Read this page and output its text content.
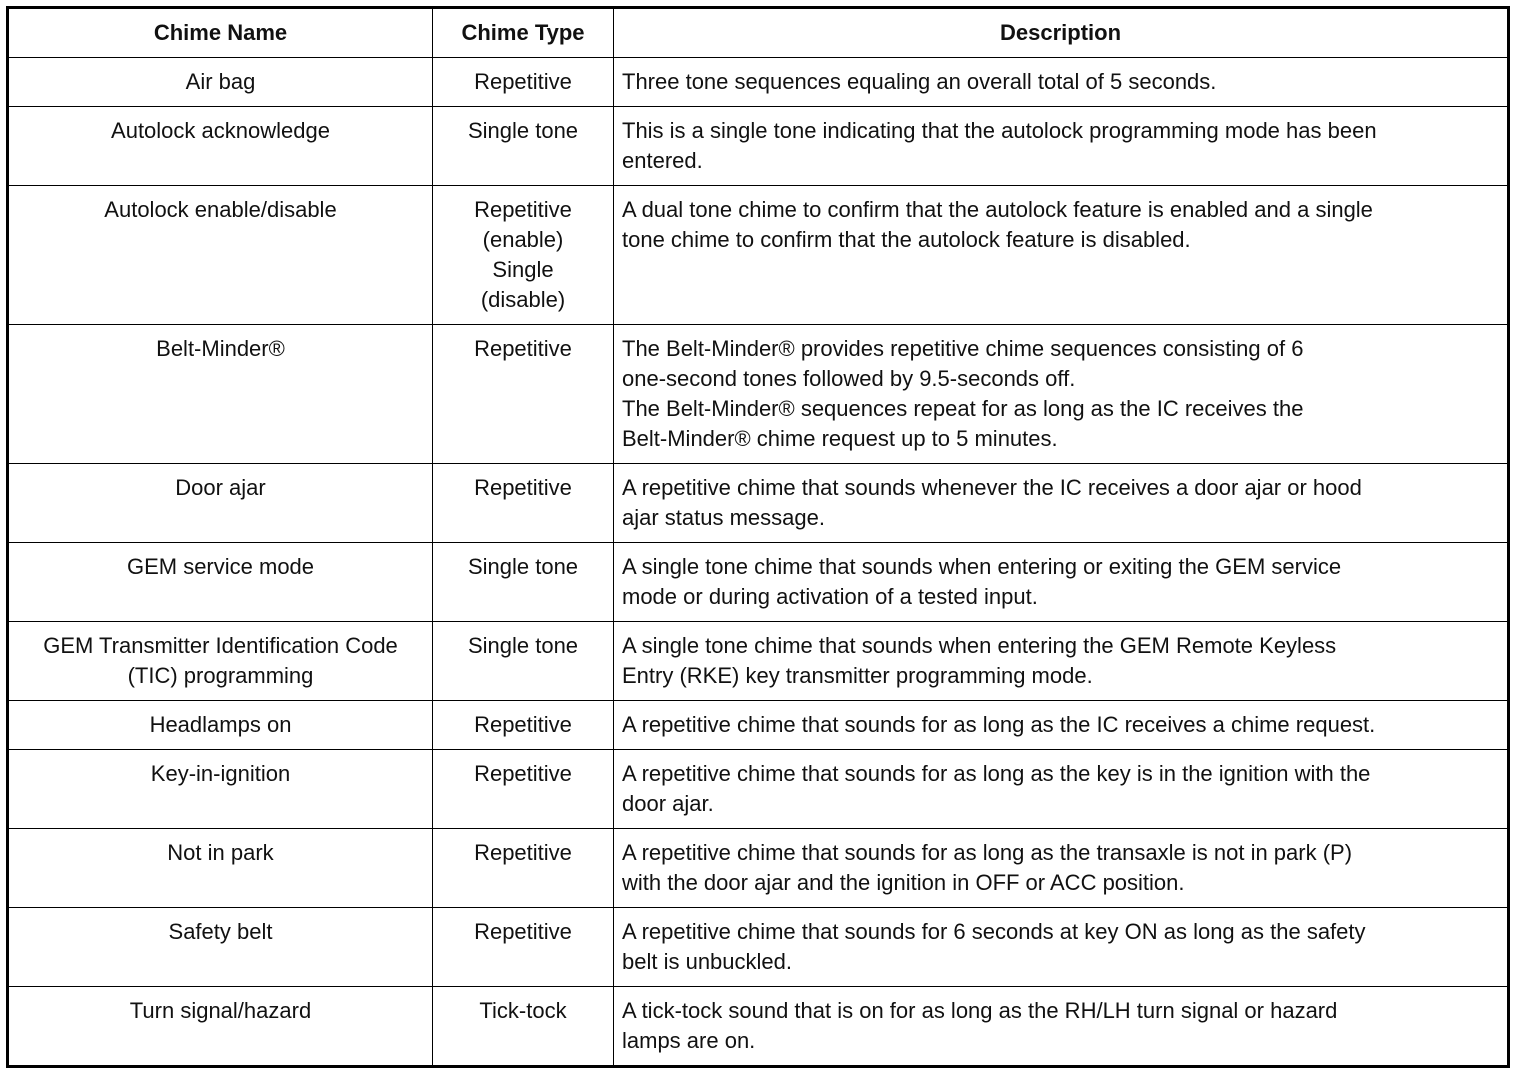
Chime Name	Chime Type	Description

Air bag	Repetitive	Three tone sequences equaling an overall total of 5 seconds.

Autolock acknowledge	Single tone	This is a single tone indicating that the autolock programming mode has been
entered.

Autolock enable/disable	Repetitive
(enable)
Single
(disable)	A dual tone chime to confirm that the autolock feature is enabled and a single
tone chime to confirm that the autolock feature is disabled.

Belt-Minder®	Repetitive	The Belt-Minder® provides repetitive chime sequences consisting of 6
one-second tones followed by 9.5-seconds off.
The Belt-Minder® sequences repeat for as long as the IC receives the
Belt-Minder® chime request up to 5 minutes.

Door ajar	Repetitive	A repetitive chime that sounds whenever the IC receives a door ajar or hood
ajar status message.

GEM service mode	Single tone	A single tone chime that sounds when entering or exiting the GEM service
mode or during activation of a tested input.

GEM Transmitter Identification Code
(TIC) programming	Single tone	A single tone chime that sounds when entering the GEM Remote Keyless
Entry (RKE) key transmitter programming mode.

Headlamps on	Repetitive	A repetitive chime that sounds for as long as the IC receives a chime request.

Key-in-ignition	Repetitive	A repetitive chime that sounds for as long as the key is in the ignition with the
door ajar.

Not in park	Repetitive	A repetitive chime that sounds for as long as the transaxle is not in park (P)
with the door ajar and the ignition in OFF or ACC position.

Safety belt	Repetitive	A repetitive chime that sounds for 6 seconds at key ON as long as the safety
belt is unbuckled.

Turn signal/hazard	Tick-tock	A tick-tock sound that is on for as long as the RH/LH turn signal or hazard
lamps are on.
